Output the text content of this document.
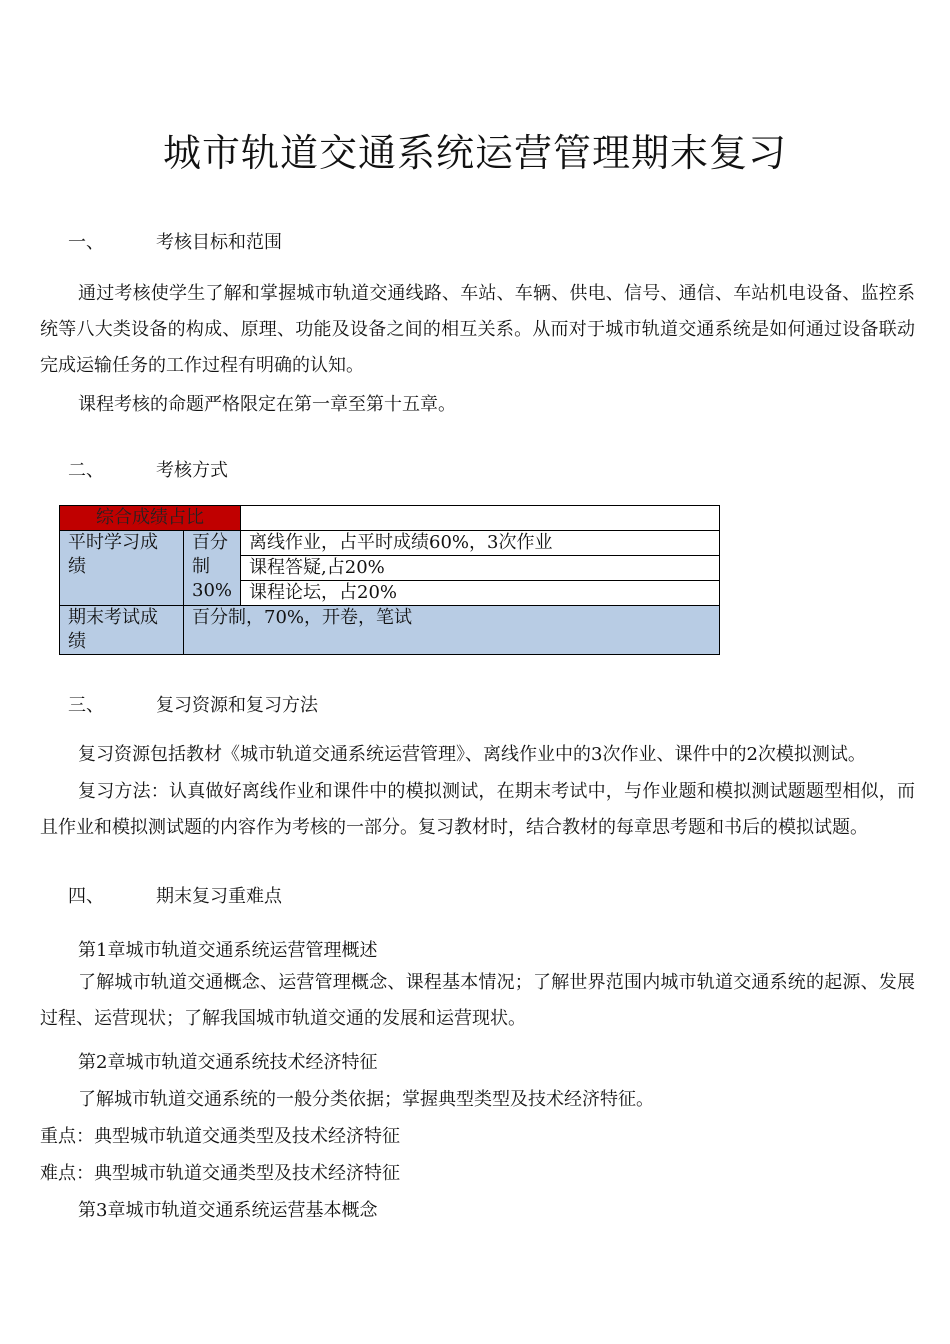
城市轨道交通系统运营管理期末复习
一、	考核目标和范围
通过考核使学生了解和掌握城市轨道交通线路、车站、车辆、供电、信号、通信、车站机电设备、监控系统等八大类设备的构成、原理、功能及设备之间的相互关系。从而对于城市轨道交通系统是如何通过设备联动完成运输任务的工作过程有明确的认知。
课程考核的命题严格限定在第一章至第十五章。
二、	考核方式
综合成绩占比		
平时学习成绩	百分制30%	离线作业，占平时成绩60%，3次作业
		课程答疑,占20%
		课程论坛，占20%
期末考试成绩	百分制，70%，开卷，笔试	
三、	复习资源和复习方法
复习资源包括教材《城市轨道交通系统运营管理》、离线作业中的3次作业、课件中的2次模拟测试。
复习方法：认真做好离线作业和课件中的模拟测试，在期末考试中，与作业题和模拟测试题题型相似，而且作业和模拟测试题的内容作为考核的一部分。复习教材时，结合教材的每章思考题和书后的模拟试题。
四、	期末复习重难点
第1章城市轨道交通系统运营管理概述
了解城市轨道交通概念、运营管理概念、课程基本情况；了解世界范围内城市轨道交通系统的起源、发展过程、运营现状；了解我国城市轨道交通的发展和运营现状。
第2章城市轨道交通系统技术经济特征
了解城市轨道交通系统的一般分类依据；掌握典型类型及技术经济特征。
重点：典型城市轨道交通类型及技术经济特征
难点：典型城市轨道交通类型及技术经济特征
第3章城市轨道交通系统运营基本概念
